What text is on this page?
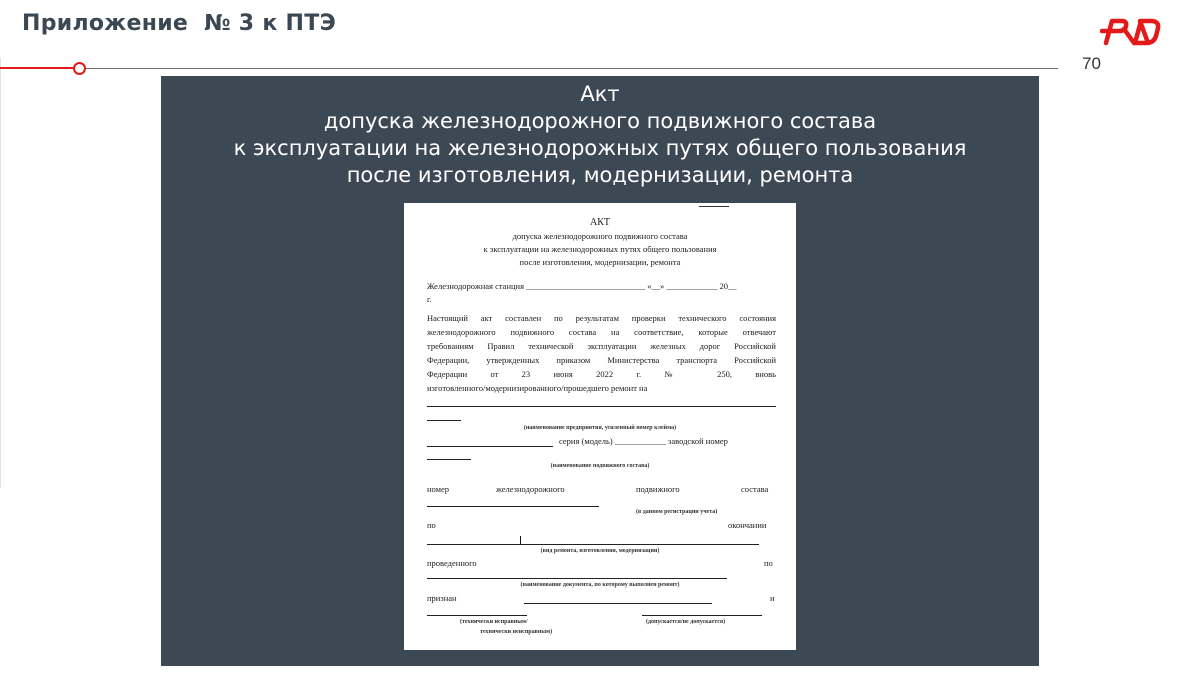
Приложение  № 3 к ПТЭ
70
Акт
допуска железнодорожного подвижного состава
к эксплуатации на железнодорожных путях общего пользования
после изготовления, модернизации, ремонта
АКТ
допуска железнодорожного подвижного состава
к эксплуатации на железнодорожных путях общего пользования
после изготовления, модернизации, ремонта
Железнодорожная станция ____________________________ «__» ____________ 20__
г.
Настоящий акт составлен по результатам проверки технического состояния
железнодорожного подвижного состава на соответствие, которые отвечают
требованиям Правил технической эксплуатации железных дорог Российской
Федерации, утвержденных приказом Министерства транспорта Российской
Федерации от 23 июня 2022 г. № 250, вновь
изготовленного/модернизированного/прошедшего ремонт на
(наименование предприятия, усиленный номер клейма)
серия (модель) ____________ заводской номер
(наименование подвижного состава)
номер	железнодорожного	подвижного	состава
(в данном регистрации учета)
по	окончании
(вид ремонта, изготовления, модернизации)
проведенного	по
(наименование документа, по которому выполнен ремонт)
признан	и
(технически исправным/
технически неисправным)
(допускается/не допускается)
